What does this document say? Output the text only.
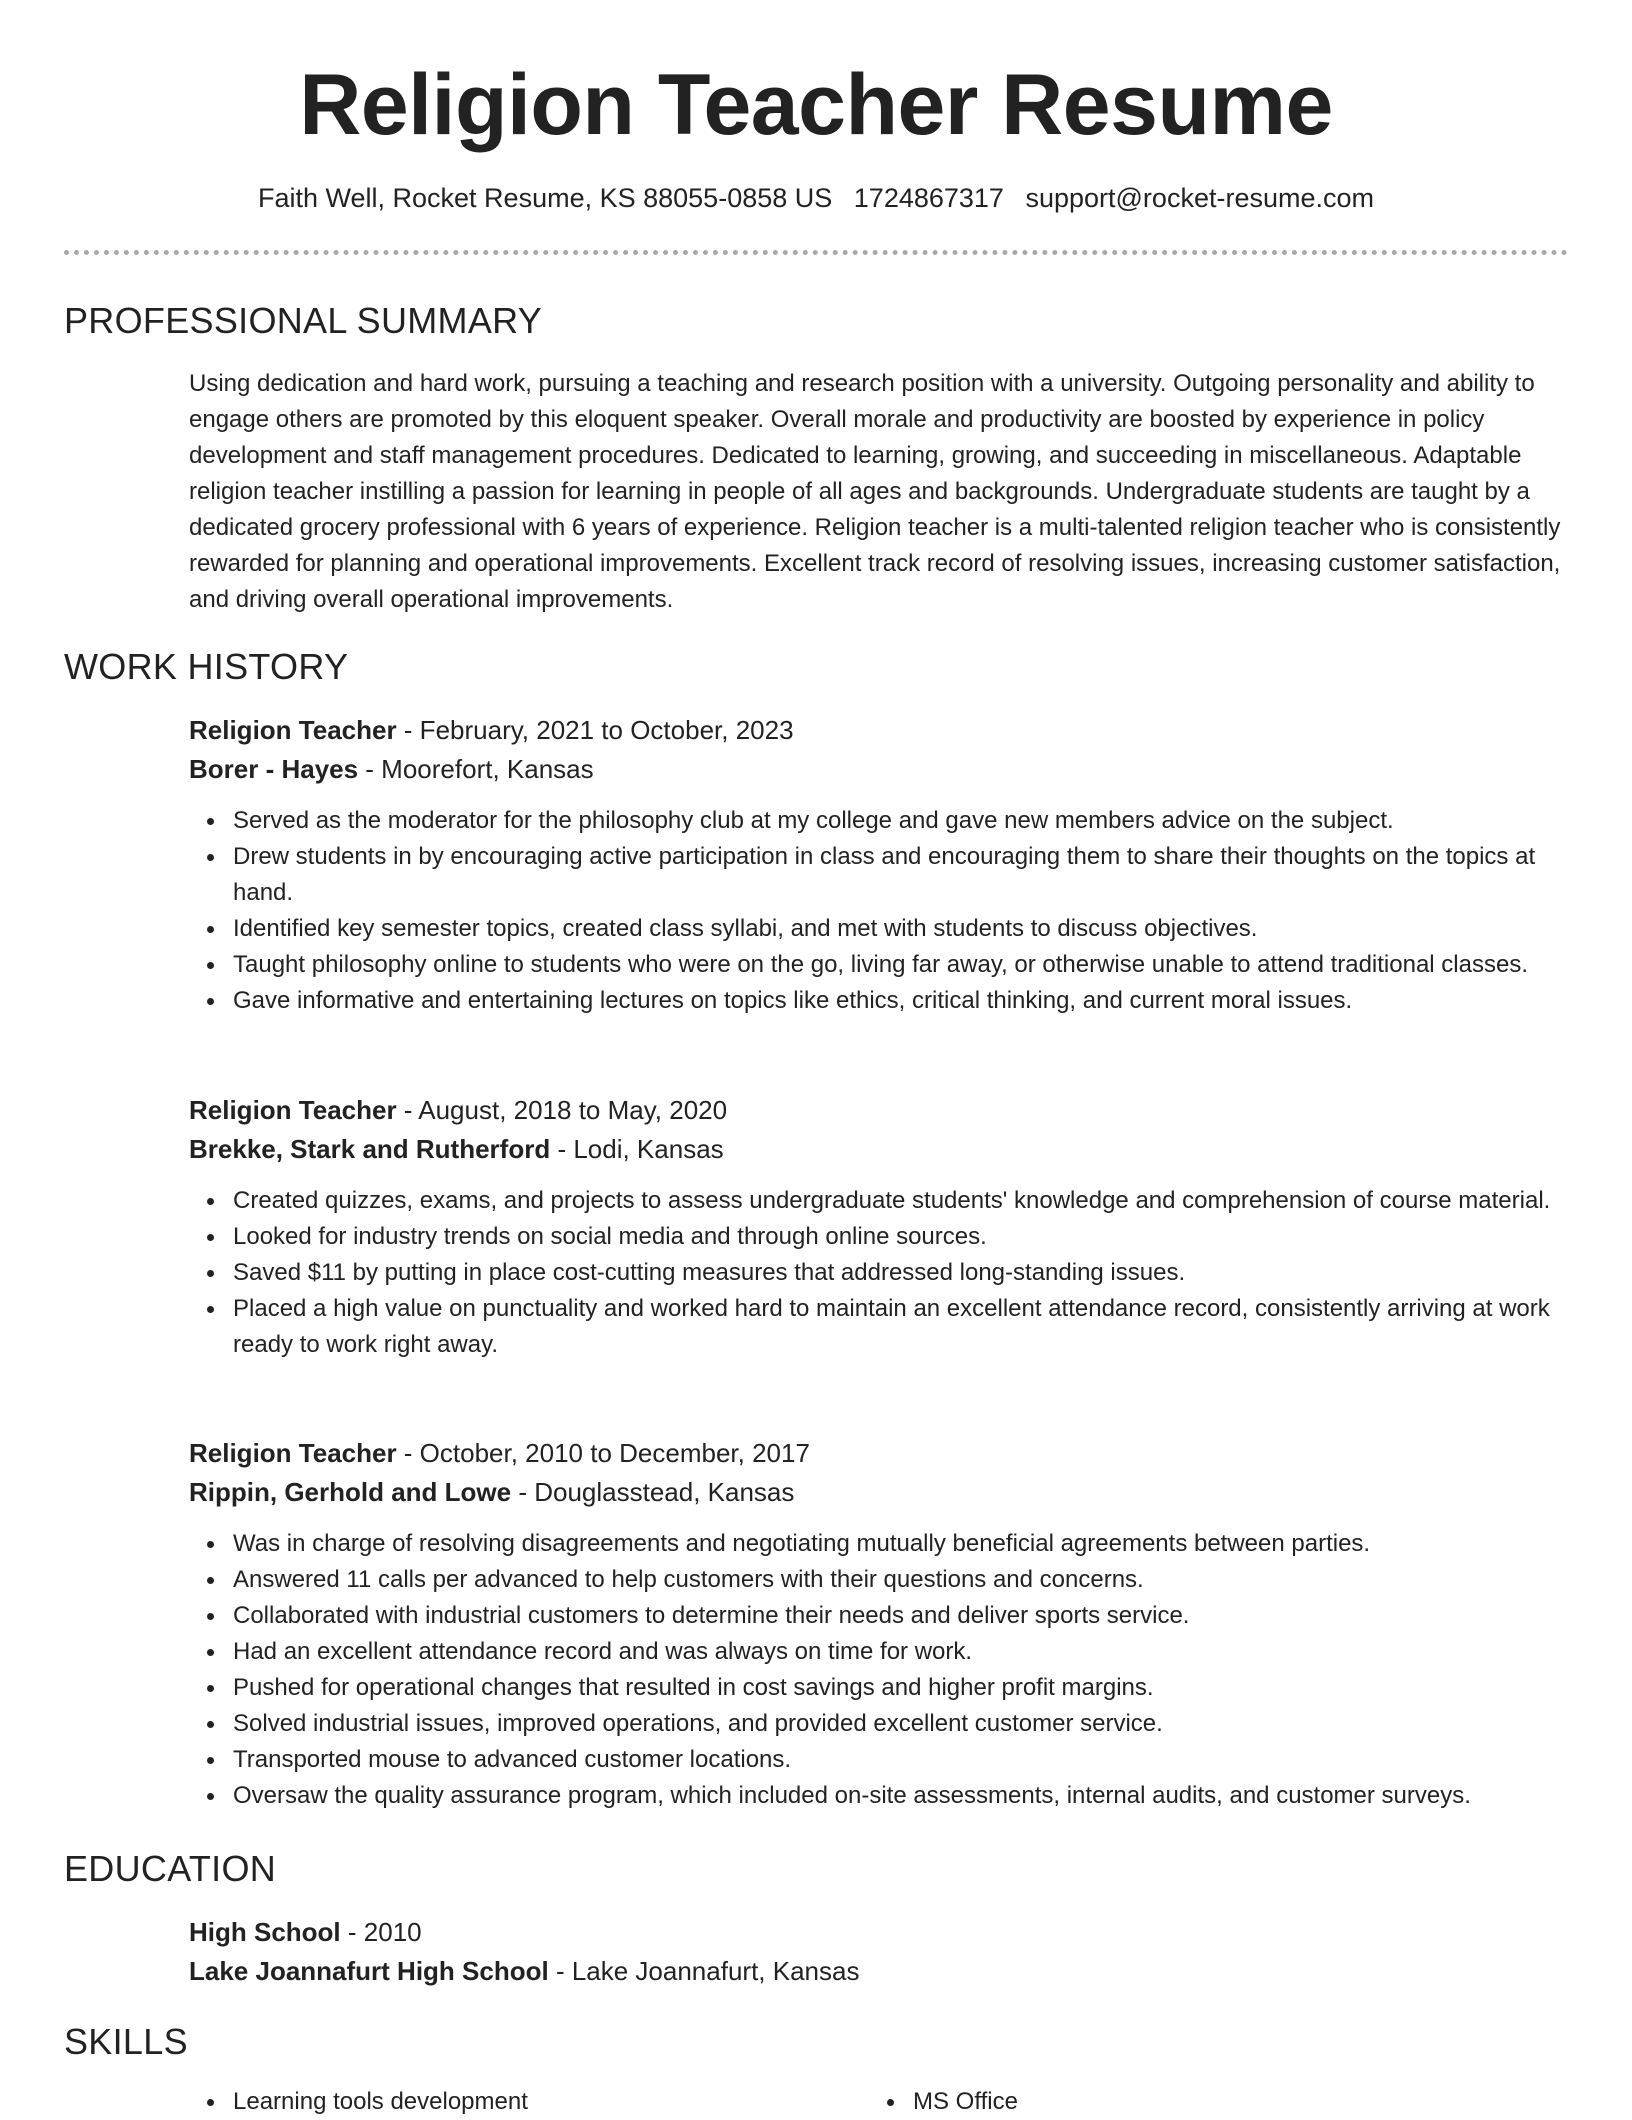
Religion Teacher Resume
Faith Well, Rocket Resume, KS 88055-0858 US 1724867317 support@rocket-resume.com
PROFESSIONAL SUMMARY

Using dedication and hard work, pursuing a teaching and research position with a university. Outgoing personality and ability to engage others are promoted by this eloquent speaker. Overall morale and productivity are boosted by experience in policy development and staff management procedures. Dedicated to learning, growing, and succeeding in miscellaneous. Adaptable religion teacher instilling a passion for learning in people of all ages and backgrounds. Undergraduate students are taught by a dedicated grocery professional with 6 years of experience. Religion teacher is a multi-talented religion teacher who is consistently rewarded for planning and operational improvements. Excellent track record of resolving issues, increasing customer satisfaction, and driving overall operational improvements.

WORK HISTORY

Religion Teacher - February, 2021 to October, 2023

Borer - Hayes - Moorefort, Kansas

Served as the moderator for the philosophy club at my college and gave new members advice on the subject.
Drew students in by encouraging active participation in class and encouraging them to share their thoughts on the topics at hand.
Identified key semester topics, created class syllabi, and met with students to discuss objectives.
Taught philosophy online to students who were on the go, living far away, or otherwise unable to attend traditional classes.
Gave informative and entertaining lectures on topics like ethics, critical thinking, and current moral issues.

Religion Teacher - August, 2018 to May, 2020

Brekke, Stark and Rutherford - Lodi, Kansas

Created quizzes, exams, and projects to assess undergraduate students' knowledge and comprehension of course material.
Looked for industry trends on social media and through online sources.
Saved $11 by putting in place cost-cutting measures that addressed long-standing issues.
Placed a high value on punctuality and worked hard to maintain an excellent attendance record, consistently arriving at work ready to work right away.

Religion Teacher - October, 2010 to December, 2017

Rippin, Gerhold and Lowe - Douglasstead, Kansas

Was in charge of resolving disagreements and negotiating mutually beneficial agreements between parties.
Answered 11 calls per advanced to help customers with their questions and concerns.
Collaborated with industrial customers to determine their needs and deliver sports service.
Had an excellent attendance record and was always on time for work.
Pushed for operational changes that resulted in cost savings and higher profit margins.
Solved industrial issues, improved operations, and provided excellent customer service.
Transported mouse to advanced customer locations.
Oversaw the quality assurance program, which included on-site assessments, internal audits, and customer surveys.
EDUCATION

High School - 2010

Lake Joannafurt High School - Lake Joannafurt, Kansas

SKILLS
Learning tools development	MS Office
